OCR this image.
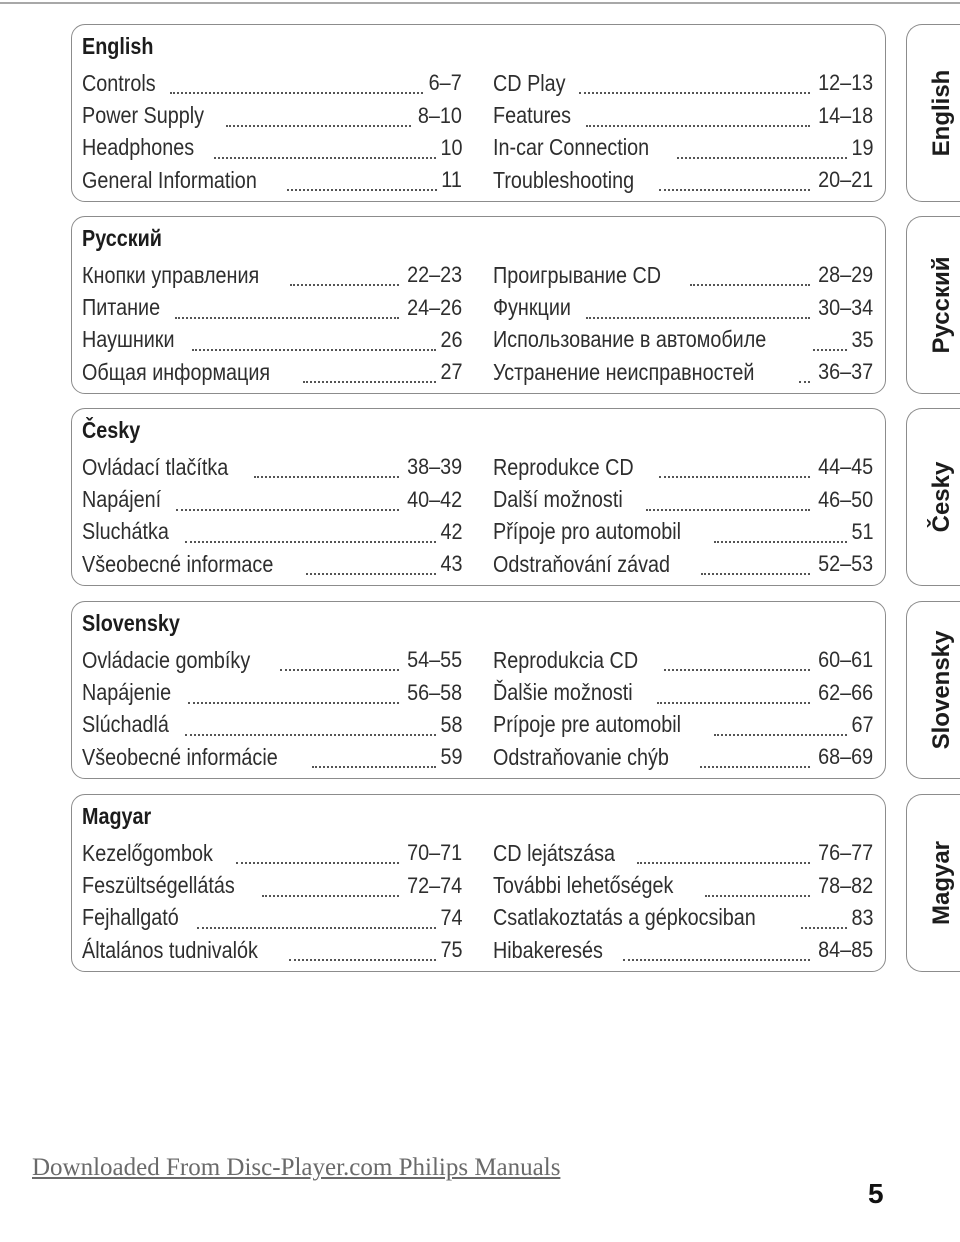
English
Controls	6–7
Power Supply	8–10
Headphones	10
General Information	11
CD Play	12–13
Features	14–18
In-car Connection	19
Troubleshooting	20–21
English
Русский
Кнопки управления	22–23
Питание	24–26
Наушники	26
Общая информация	27
Проигрывание CD	28–29
Функции	30–34
Использование в автомобиле	35
Устранение неисправностей	36–37
Русский
Česky
Ovládací tlačítka	38–39
Napájení	40–42
Sluchátka	42
Všeobecné informace	43
Reprodukce CD	44–45
Další možnosti	46–50
Přípoje pro automobil	51
Odstraňování závad	52–53
Česky
Slovensky
Ovládacie gombíky	54–55
Napájenie	56–58
Slúchadlá	58
Všeobecné informácie	59
Reprodukcia CD	60–61
Ďalšie možnosti	62–66
Prípoje pre automobil	67
Odstraňovanie chýb	68–69
Slovensky
Magyar
Kezelőgombok	70–71
Feszültségellátás	72–74
Fejhallgató	74
Általános tudnivalók	75
CD lejátszása	76–77
További lehetőségek	78–82
Csatlakoztatás a gépkocsiban	83
Hibakeresés	84–85
Magyar
Downloaded From Disc-Player.com Philips Manuals
5
